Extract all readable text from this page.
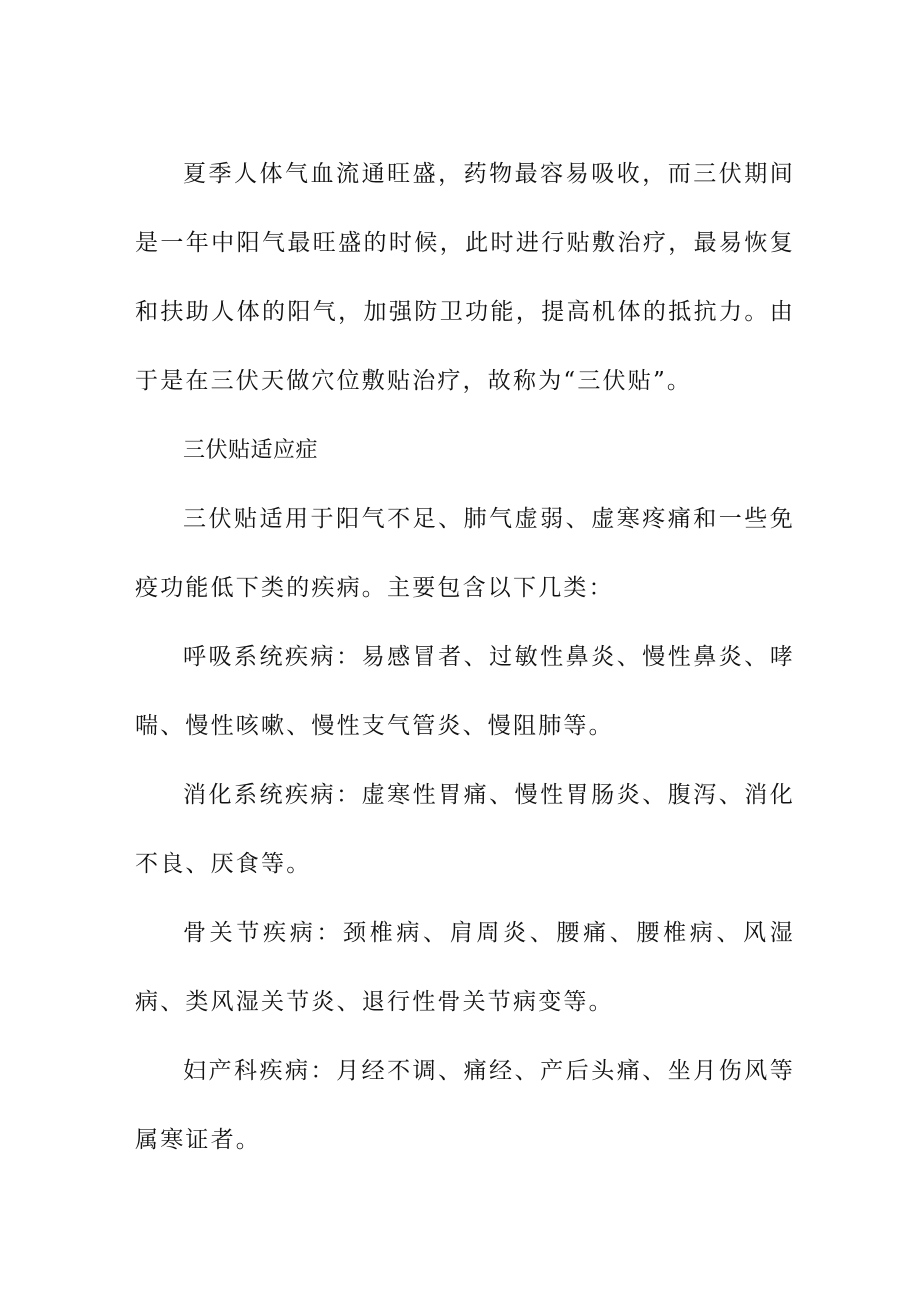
夏季人体气血流通旺盛，药物最容易吸收，而三伏期间是一年中阳气最旺盛的时候，此时进行贴敷治疗，最易恢复和扶助人体的阳气，加强防卫功能，提高机体的抵抗力。由于是在三伏天做穴位敷贴治疗，故称为“三伏贴”。

三伏贴适应症

三伏贴适用于阳气不足、肺气虚弱、虚寒疼痛和一些免疫功能低下类的疾病。主要包含以下几类：

呼吸系统疾病：易感冒者、过敏性鼻炎、慢性鼻炎、哮喘、慢性咳嗽、慢性支气管炎、慢阻肺等。

消化系统疾病：虚寒性胃痛、慢性胃肠炎、腹泻、消化不良、厌食等。

骨关节疾病：颈椎病、肩周炎、腰痛、腰椎病、风湿病、类风湿关节炎、退行性骨关节病变等。

妇产科疾病：月经不调、痛经、产后头痛、坐月伤风等属寒证者。
